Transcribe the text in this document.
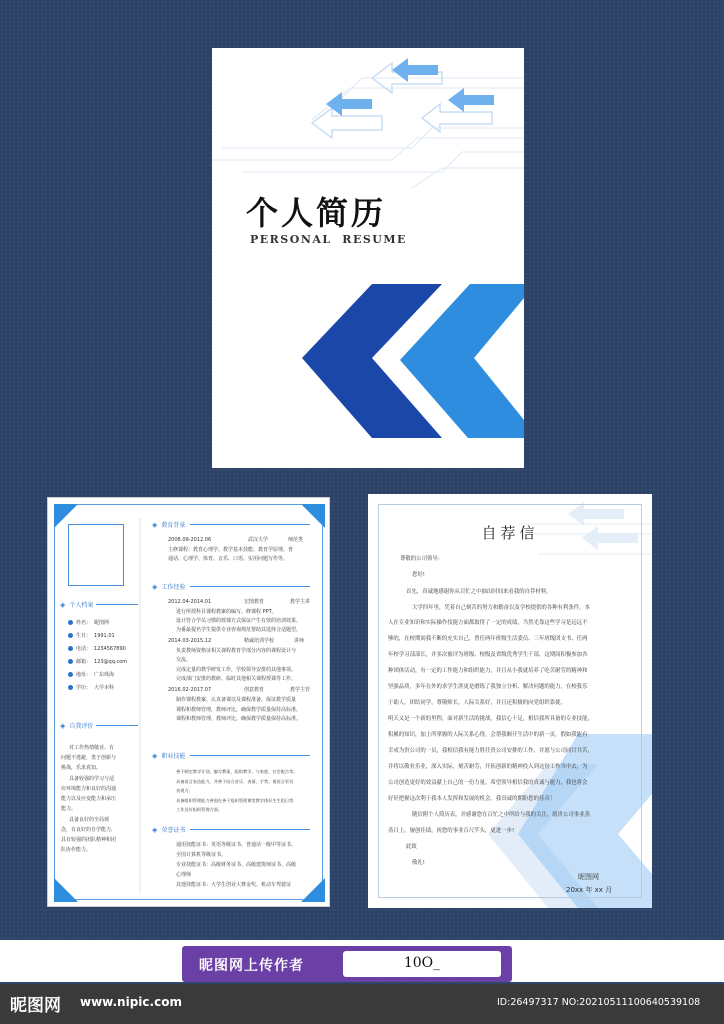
个人简历
PERSONAL  RESUME
◈ 个人档案
姓名： 昵图网
生日： 1991.01
电话： 1234567890
邮箱： 123@qq.com
地址： 广东珠海
学历： 大学本科
◈ 自我评价
对工作热情敬业、有
问题不逃避，勇于创新与
挑战，乐求真知。
具备较强的学习与适
应环境能力和良好的沟通
能力以及应变能力和承压
能力。
具备良好的全局观
念，有良好的自学能力，
具有较强的团队精神和团
队协作能力。
◈ 教育背景
2008.09-2012.06	武汉大学	师范类
主修课程：教育心理学、教学基本技能、教育学原理、普
通话、心理学、体育、音乐、口语、实用问题写作等。
◈ 工作经验
2012.04-2014.01	宏图教育	教学主讲
进行所授科目课程教案的编写、修课程 PPT。
设计符合学员习惯的授课方式保证产生有效的培训效果。
为番最提名学生提供专业咨询规范帮助其选择合适题型。
2014.03-2015.12	精诚培训学校	讲师
负责教师资格证相关课程教育学部分内容的课程设计与
交流。
完成定量的教学研发工作，学校领导安排的其他事项。
完成部门安排的教研、临时其他相关课程授课等工作。
2016.02-2017.07	创意教育	教学主管
制作课程教案、认真备课以及课程准备，保证教学质量
课程和教师管理，教师评比，确保教学质量保持高标准。
课程和教师管理，教师评比，确保教学质量保持高标准。
◈ 职业技能
善于制定教学计划，编写教案，组织教学，与家庭、社会配合等。
具备语言表达能力，并善于结合音乐、表情、手势、使语言更具
表现力；
具备组织管理能力善国在善于组织管理课堂教学体好生生组日常
工作及好组织管理方面。
◈ 荣誉证书
通用技能证书：英语等级证书、普通话一级甲等证书、
全国计算机等级证书。
专业技能证书：高级财务证书、高级建筑师证书、高级
心理师
其他技能证书：大学生创业大赛金奖、机动车驾驶证
自荐信
尊敬的公司领导：
您好!
首先，真诚地感谢你从百忙之中抽出时间来看我的自荐材料。
大学四年里，凭着自己刻苦的努力和勤奋以及学校提供的各种有利条件，本
人在专业知识和实际操作技能方面都取得了一定的成绩，当然光靠这些学习是远远不
够的，在校期间我不断的充实自己，曾任两年班级生活委员、三年班级团支书、任两
年校学习部部长，并多次被评为班级、校级及省级优秀学生干部，这期间积极参加各
种团体活动，有一定的工作能力和组织能力，并且从小我就培养了吃苦耐劳的精神和
坚强品质，多年在外的求学生涯更是磨练了我独立分析、解决问题的能力，在校我乐
于助人，团结同学，尊敬师长，人际关系好，并且还积极的向党组织靠拢。
明天又是一个新的里程，面对新生活的挑战，我信心十足，相信我所具备的专业技能，
积累的知识，加上所掌握的人际关系心得，会帮我顺开生活中的新一页，假如我能有
幸成为贵公司的一员，我相信我有能力胜任贵公司安排的工作，并愿与公司同甘共苦，
并将以敬业乐业，深入实际，刻苦耐劳，开拓创新的精神投入到这份工作当中去，为
公司创造更好的效益献上自己的一份力量。希望领导相信我的真诚与能力，我也将会
好好把握这次利于我本人发挥和发展的机会。我真诚的期盼您的佳音！
随信附个人简历表，并感谢您在百忙之中所给与我的关注，愿贵公司事业蒸
蒸日上，屡创佳绩，祝您的事业百尺竿头，更进一步!
此致
敬礼!
昵图网
20xx 年 xx 月
昵图网上传作者	10O_
昵图网 www.nipic.com	ID:26497317 NO:20210511100640539108
